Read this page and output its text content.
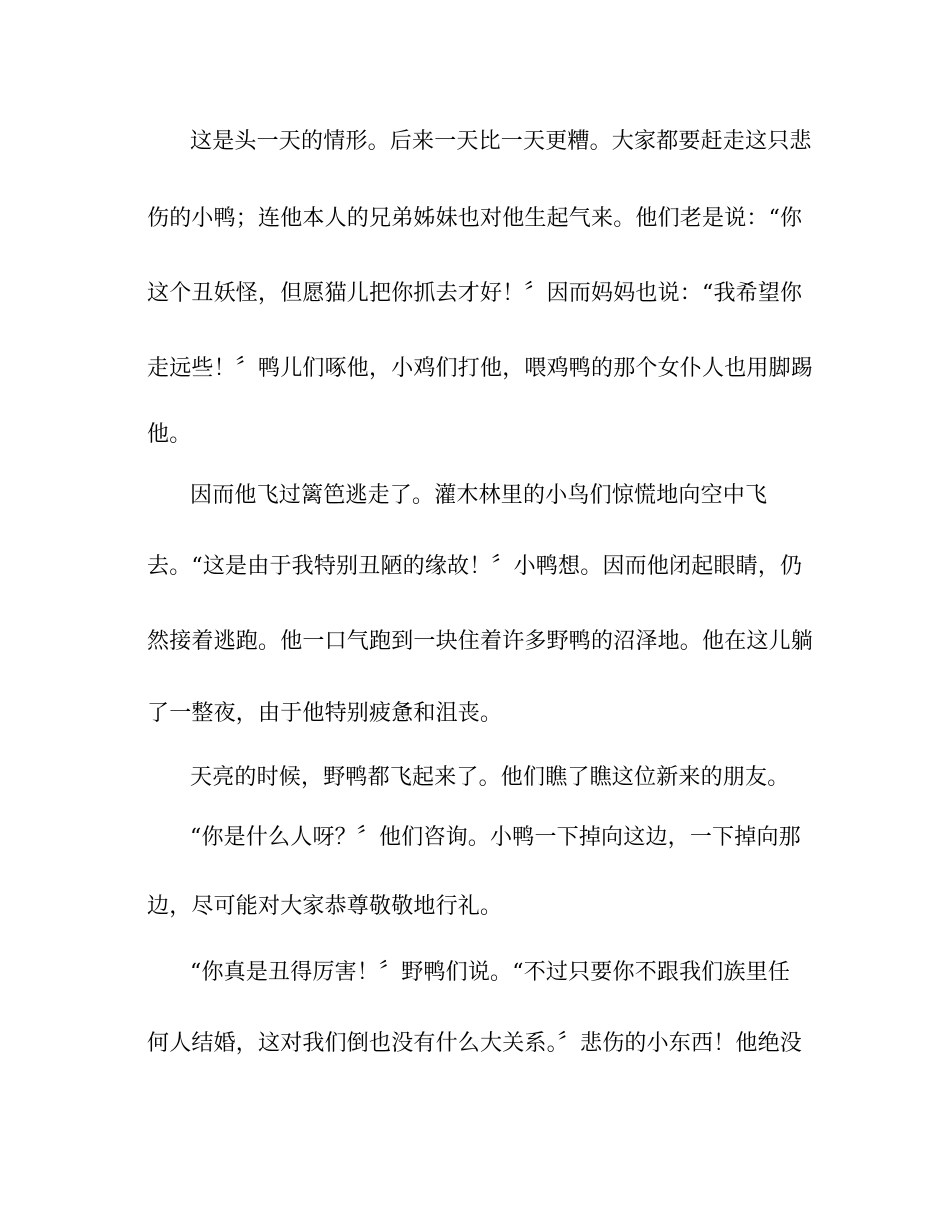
这是头一天的情形。后来一天比一天更糟。大家都要赶走这只悲
伤的小鸭；连他本人的兄弟姊妹也对他生起气来。他们老是说：“你
这个丑妖怪，但愿猫儿把你抓去才好！〞因而妈妈也说：“我希望你
走远些！〞鸭儿们啄他，小鸡们打他，喂鸡鸭的那个女仆人也用脚踢
他。
因而他飞过篱笆逃走了。灌木林里的小鸟们惊慌地向空中飞
去。“这是由于我特别丑陋的缘故！〞小鸭想。因而他闭起眼睛，仍
然接着逃跑。他一口气跑到一块住着许多野鸭的沼泽地。他在这儿躺
了一整夜，由于他特别疲惫和沮丧。
天亮的时候，野鸭都飞起来了。他们瞧了瞧这位新来的朋友。
“你是什么人呀？〞他们咨询。小鸭一下掉向这边，一下掉向那
边，尽可能对大家恭尊敬敬地行礼。
“你真是丑得厉害！〞野鸭们说。“不过只要你不跟我们族里任
何人结婚，这对我们倒也没有什么大关系。〞悲伤的小东西！他绝没
